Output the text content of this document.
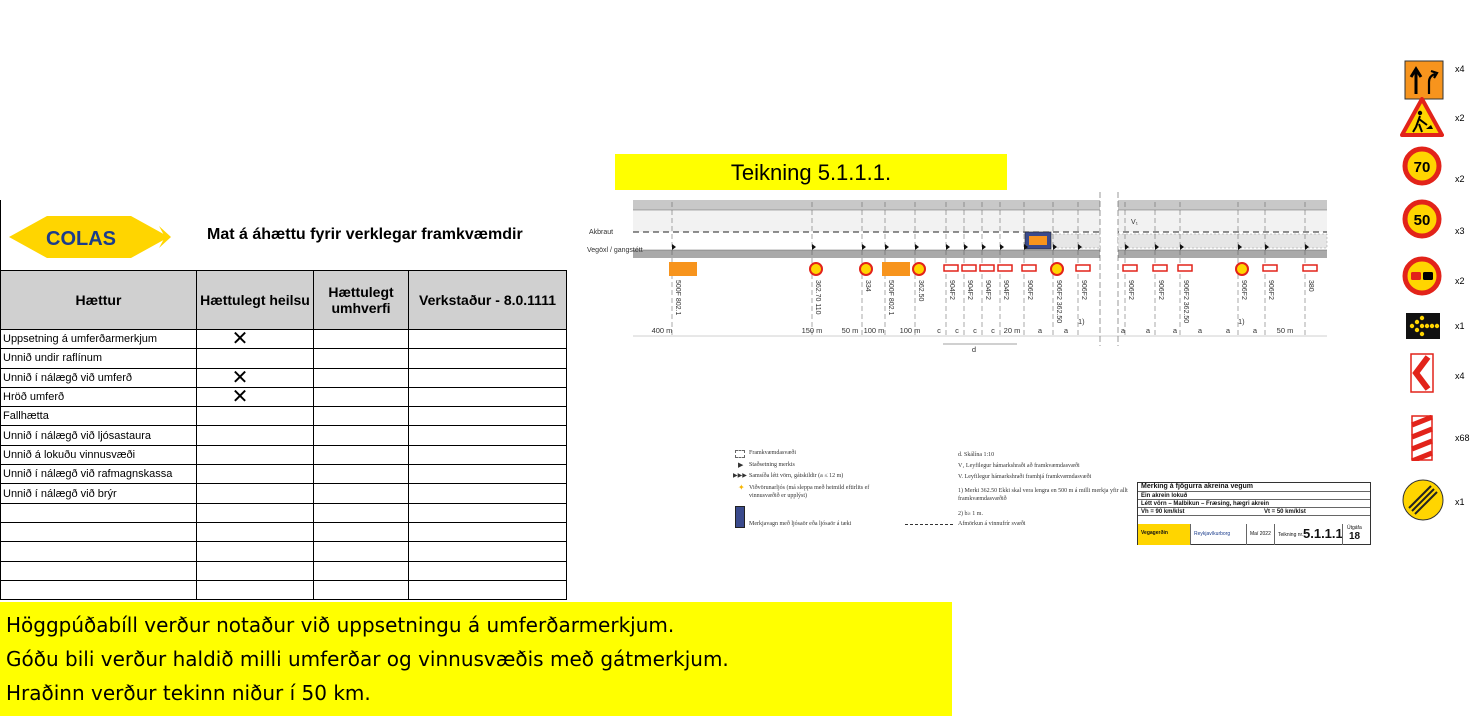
COLAS	Mat á áhættu fyrir verklegar framkvæmdir
Hættur	Hættulegt heilsu	Hættulegt umhverfi	Verkstaður - 8.0.1111
Uppsetning á umferðarmerkjum	✕		
Unnið undir raflínum			
Unnið í nálægð við umferð	✕		
Hröð umferð	✕		
Fallhætta			
Unnið í nálægð við ljósastaura			
Unnið á lokuðu vinnusvæði			
Unnið í nálægð við rafmagnskassa			
Unnið í nálægð við brýr			

Teikning 5.1.1.1.
Akbraut
Vegöxl / gangstétt
V₁
500F 802.1	362.70 110	334 500F 802.1	362.50	904F2 904F2 904F2 904F2 906F2	906F2 362.50	906F2	906F2	906F2	906F2 362.50	906F2	906F2	380
400 m	150 m	50 m 100 m 100 m c c c c 20 m a	a	a	a	a	a	a	a	50 m
d
1)	1)
Framkvæmdasvæði
▶ Staðsetning merkis
▶▶▶ Samsíða létt vörn, gátskildir (a ≤ 12 m)
✦ Viðvörunarljós (má sleppa með heimild eftirlits ef vinnusvæðið er upplýst)
Merkjavagn með ljósaör eða ljósaör á tæki
d. Skálína 1:10
V₁ Leyfilegur hámarkshraði að framkvæmdasvæði
V. Leyfilegur hámarkshraði framhjá framkvæmdasvæði
1) Merki 362.50 Ekki skal vera lengra en 500 m á milli merkja yfir allt framkvæmdasvæðið
2) b≥ 1 m.
Afmörkun á vinnufrír svæði
Merking á fjögurra akreina vegum
Ein akrein lokuð
Létt vörn – Malbikun – Fræsing, hægri akrein
Vh = 90 km/klst	Vt = 50 km/klst
Vegagerðin	Reykjavíkurborg	Maí 2022 Teikning nr. 5.1.1.1 Útgáfa
18
Höggpúðabíll verður notaður við uppsetningu á umferðarmerkjum.
Góðu bili verður haldið milli umferðar og vinnusvæðis með gátmerkjum.
Hraðinn verður tekinn niður í 50 km.
x4
x2
70
x2
50
x3
x2
x1
x4
x68
x1
